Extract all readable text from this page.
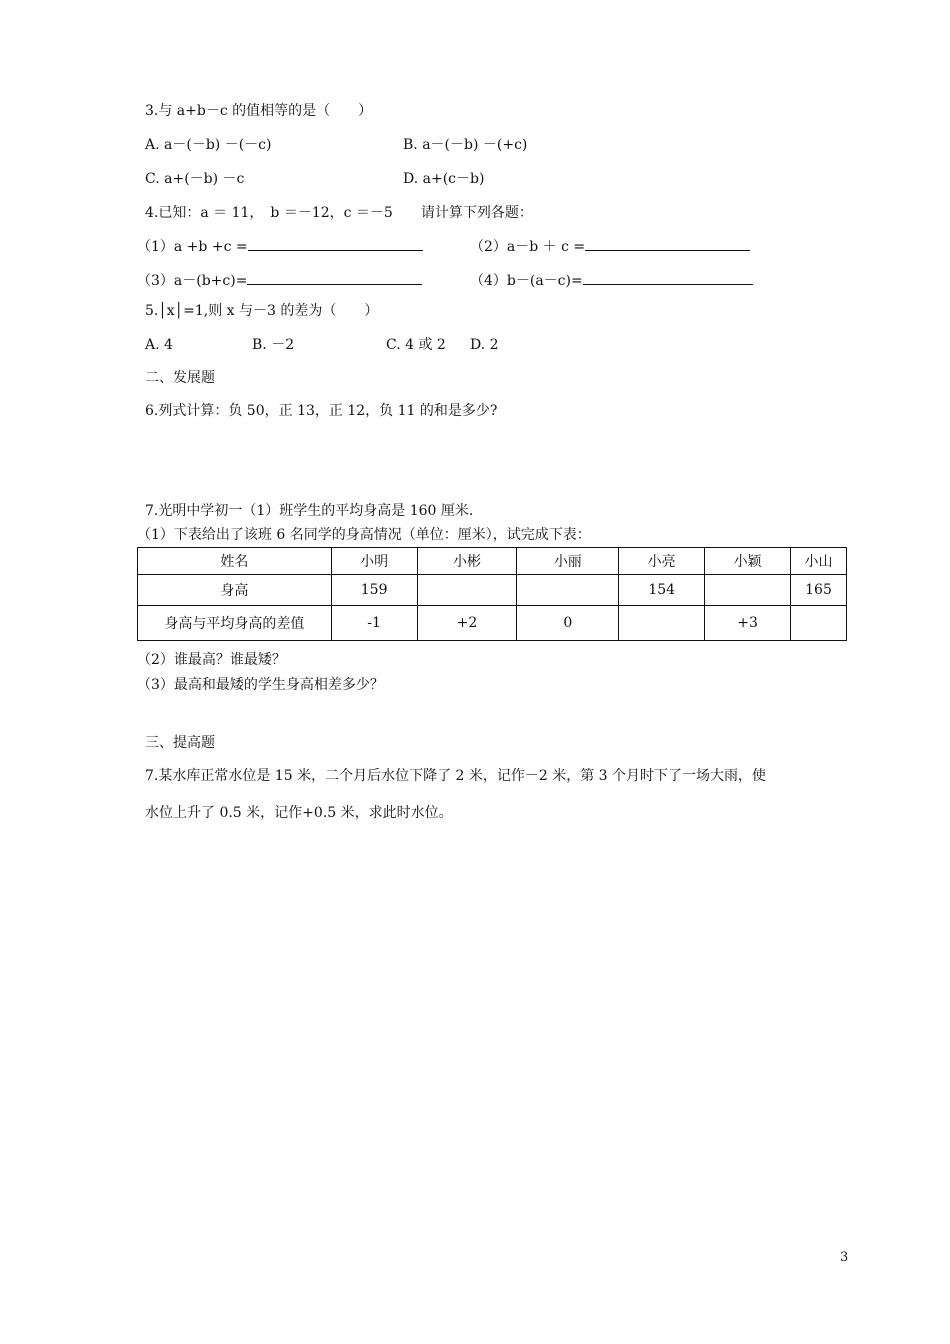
3.与 a+b－c 的值相等的是（　　）
A. a－(－b) －(－c)	B. a－(－b) －(+c)
C. a+(－b) －c	D. a+(c－b)
4.已知：a ＝ 11，　b ＝－12，c ＝－5　　请计算下列各题：
（1）a +b +c =	（2）a－b ＋ c =
（3）a－(b+c)=	（4）b－(a－c)=
5.│x│=1,则 x 与－3 的差为（　　）
A. 4	B. －2	C. 4 或 2 D. 2
二、发展题
6.列式计算：负 50，正 13，正 12，负 11 的和是多少?
7.光明中学初一（1）班学生的平均身高是 160 厘米.
（1）下表给出了该班 6 名同学的身高情况（单位：厘米），试完成下表：
姓名	小明	小彬	小丽	小亮	小颖	小山
身高	159			154		165
身高与平均身高的差值	-1	+2	0		+3	
（2）谁最高？谁最矮？
（3）最高和最矮的学生身高相差多少？
三、提高题
7.某水库正常水位是 15 米，二个月后水位下降了 2 米，记作－2 米，第 3 个月时下了一场大雨，使
水位上升了 0.5 米，记作+0.5 米，求此时水位。
3
